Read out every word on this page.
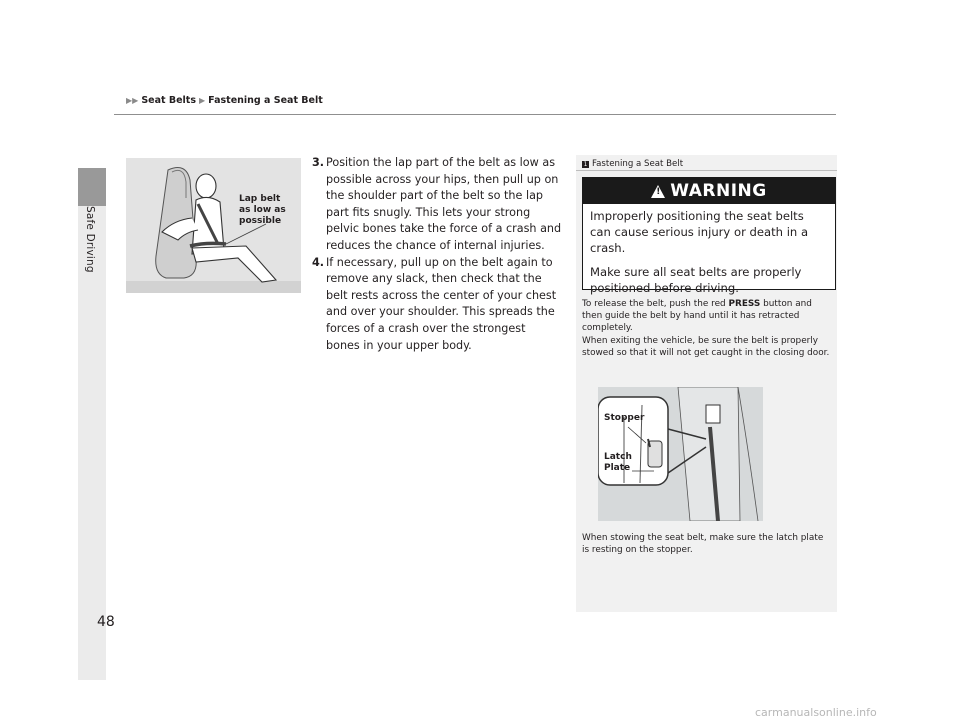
Safe Driving
▶▶ Seat Belts ▶ Fastening a Seat Belt
Lap belt
as low as
possible
3. Position the lap part of the belt as low as possible across your hips, then pull up on the shoulder part of the belt so the lap part fits snugly. This lets your strong pelvic bones take the force of a crash and reduces the chance of internal injuries.
4. If necessary, pull up on the belt again to remove any slack, then check that the belt rests across the center of your chest and over your shoulder. This spreads the forces of a crash over the strongest bones in your upper body.
1 Fastening a Seat Belt
! WARNING

Improperly positioning the seat belts can cause serious injury or death in a crash.

Make sure all seat belts are properly positioned before driving.

To release the belt, push the red PRESS button and then guide the belt by hand until it has retracted completely.

When exiting the vehicle, be sure the belt is properly stowed so that it will not get caught in the closing door.

Stopper
Latch
Plate
When stowing the seat belt, make sure the latch plate is resting on the stopper.
48
carmanualsonline.info
